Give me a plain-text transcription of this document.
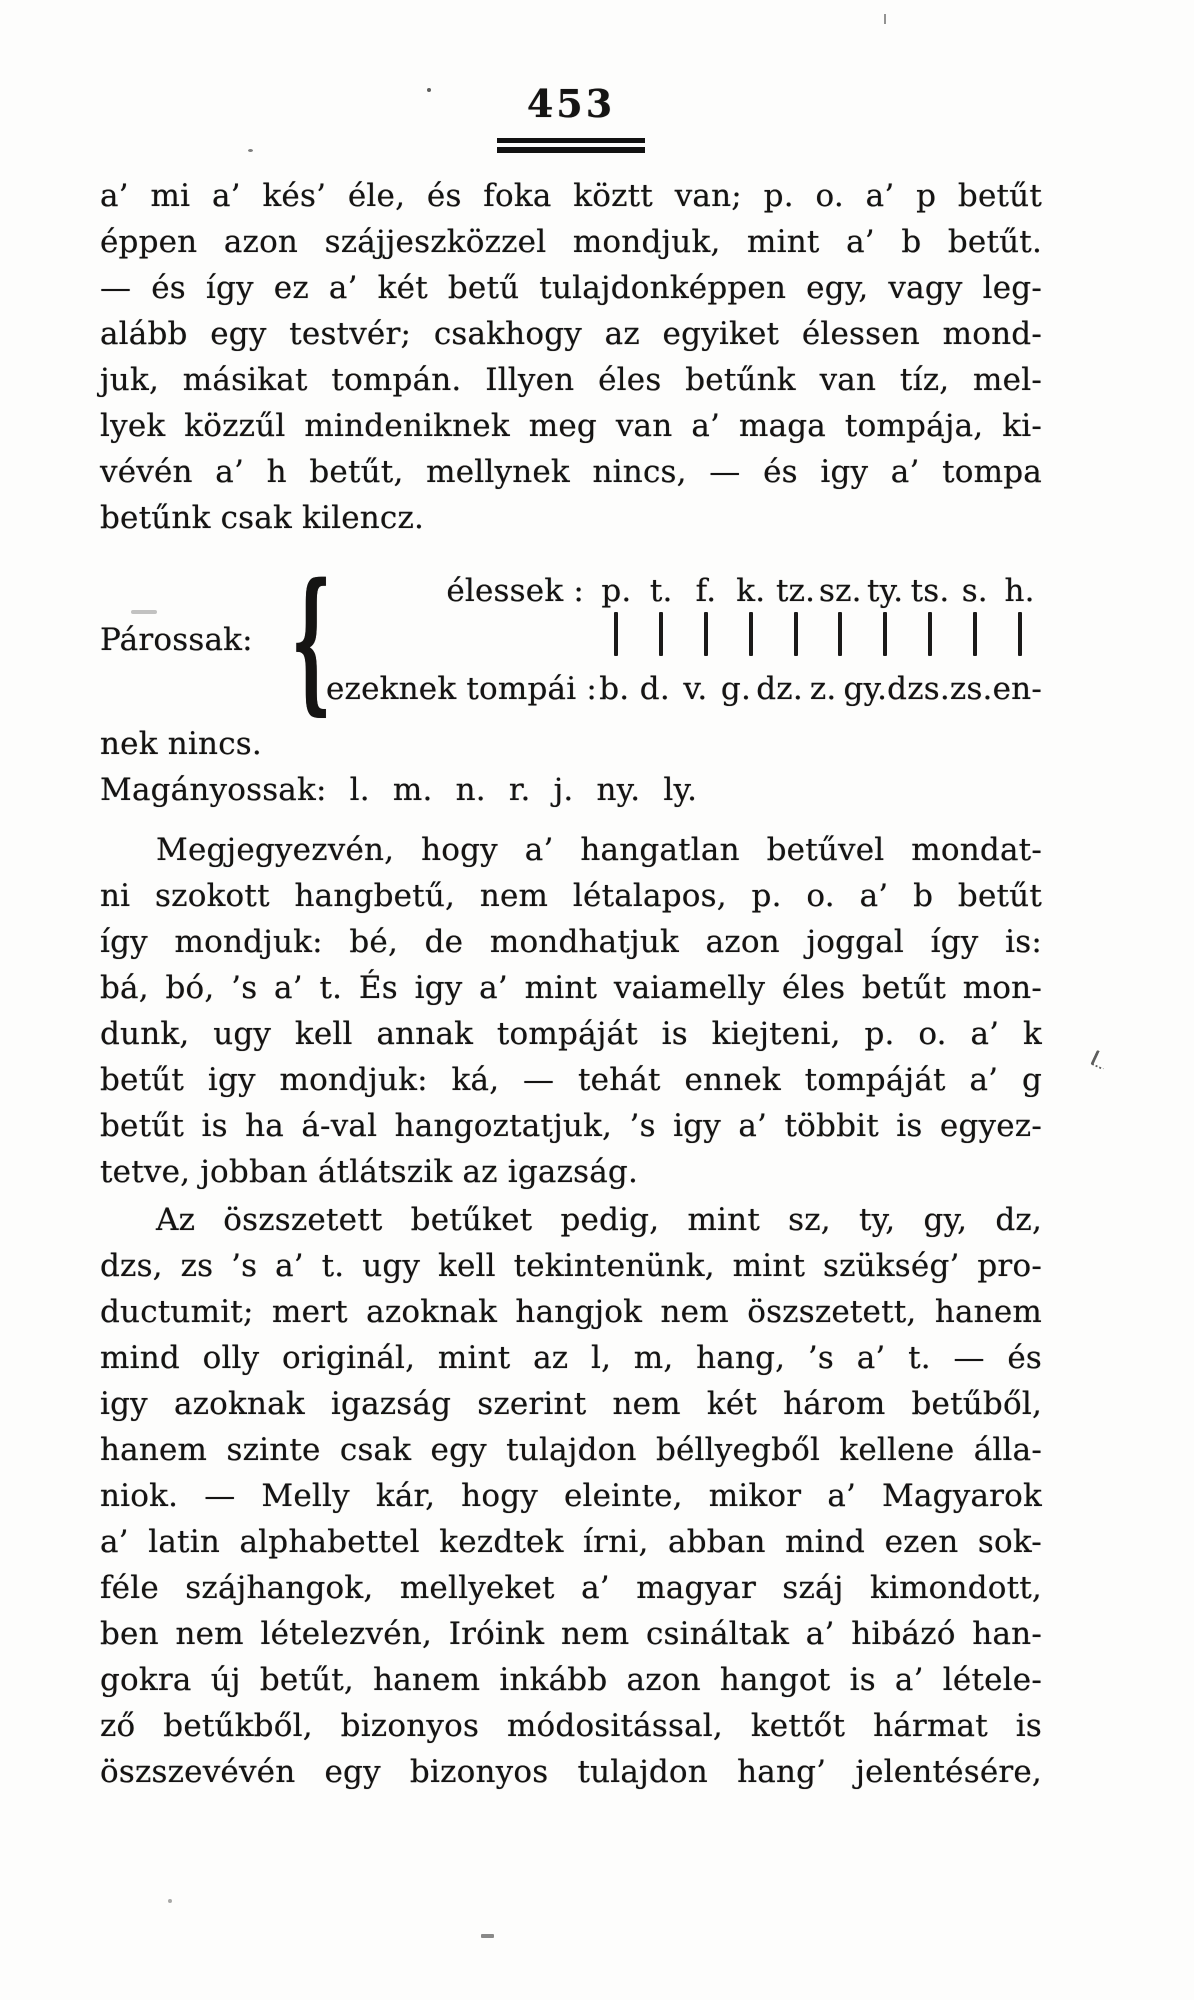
453
a’ mi a’ kés’ éle, és foka köztt van; p. o. a’ p betűt
éppen azon szájjeszközzel mondjuk, mint a’ b betűt.
— és így ez a’ két betű tulajdonképpen egy, vagy leg-
alább egy testvér; csakhogy az egyiket élessen mond-
juk, másikat tompán. Illyen éles betűnk van tíz, mel-
lyek közzűl mindeniknek meg van a’ maga tompája, ki-
vévén a’ h betűt, mellynek nincs, — és igy a’ tompa
betűnk csak kilencz.
Párossak: {	élessek : p. t. f. k. tz. sz. ty. ts. s. h.
ezeknek tompái : b. d. v. g. dz. z. gy. dzs. zs. en-
nek nincs.
Magányossak: l. m. n. r. j. ny. ly.
Megjegyezvén, hogy a’ hangatlan betűvel mondat-
ni szokott hangbetű, nem létalapos, p. o. a’ b betűt
így mondjuk: bé, de mondhatjuk azon joggal így is:
bá, bó, ’s a’ t. És igy a’ mint vaiamelly éles betűt mon-
dunk, ugy kell annak tompáját is kiejteni, p. o. a’ k
betűt igy mondjuk: ká, — tehát ennek tompáját a’ g
betűt is ha á-val hangoztatjuk, ’s igy a’ többit is egyez-
tetve, jobban átlátszik az igazság.
Az öszszetett betűket pedig, mint sz, ty, gy, dz,
dzs, zs ’s a’ t. ugy kell tekintenünk, mint szükség’ pro-
ductumit; mert azoknak hangjok nem öszszetett, hanem
mind olly originál, mint az l, m, hang, ’s a’ t. — és
igy azoknak igazság szerint nem két három betűből,
hanem szinte csak egy tulajdon béllyegből kellene álla-
niok. — Melly kár, hogy eleinte, mikor a’ Magyarok
a’ latin alphabettel kezdtek írni, abban mind ezen sok-
féle szájhangok, mellyeket a’ magyar száj kimondott,
ben nem lételezvén, Iróink nem csináltak a’ hibázó han-
gokra új betűt, hanem inkább azon hangot is a’ létele-
ző betűkből, bizonyos módositással, kettőt hármat is
öszszevévén egy bizonyos tulajdon hang’ jelentésére,
